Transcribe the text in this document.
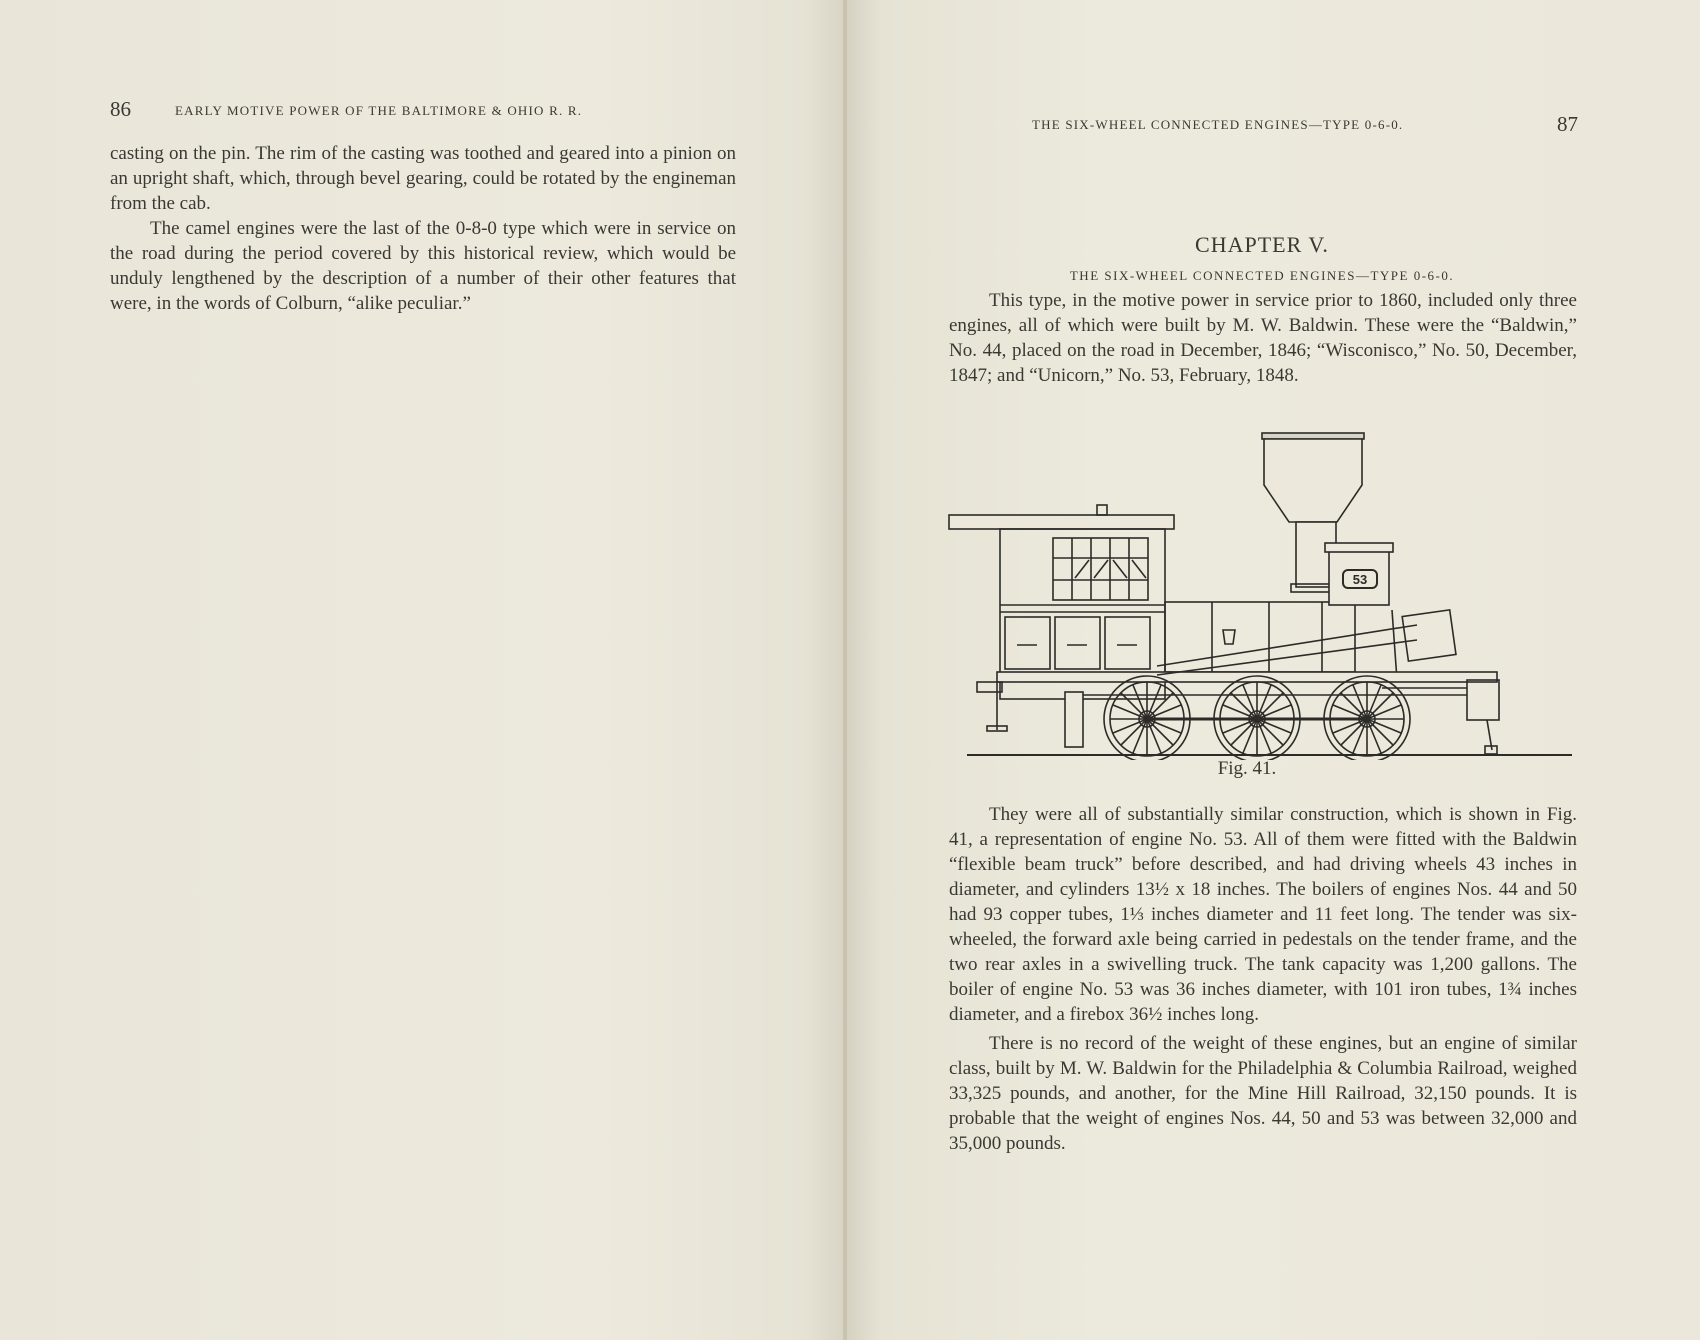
86	EARLY MOTIVE POWER OF THE BALTIMORE & OHIO R. R.

casting on the pin. The rim of the casting was toothed and geared into a pinion on an upright shaft, which, through bevel gearing, could be rotated by the engineman from the cab.

The camel engines were the last of the 0-8-0 type which were in service on the road during the period covered by this historical review, which would be unduly lengthened by the description of a number of their other features that were, in the words of Colburn, “alike peculiar.”

THE SIX-WHEEL CONNECTED ENGINES—TYPE 0-6-0.	87
CHAPTER V.
THE SIX-WHEEL CONNECTED ENGINES—TYPE 0-6-0.

This type, in the motive power in service prior to 1860, included only three engines, all of which were built by M. W. Baldwin. These were the “Baldwin,” No. 44, placed on the road in December, 1846; “Wisconisco,” No. 50, December, 1847; and “Unicorn,” No. 53, February, 1848.

53
Fig. 41.

They were all of substantially similar construction, which is shown in Fig. 41, a representation of engine No. 53. All of them were fitted with the Baldwin “flexible beam truck” before described, and had driving wheels 43 inches in diameter, and cylinders 13½ x 18 inches. The boilers of engines Nos. 44 and 50 had 93 copper tubes, 1⅓ inches diameter and 11 feet long. The tender was six-wheeled, the forward axle being carried in pedestals on the tender frame, and the two rear axles in a swivelling truck. The tank capacity was 1,200 gallons. The boiler of engine No. 53 was 36 inches diameter, with 101 iron tubes, 1¾ inches diameter, and a firebox 36½ inches long.

There is no record of the weight of these engines, but an engine of similar class, built by M. W. Baldwin for the Philadelphia & Columbia Railroad, weighed 33,325 pounds, and another, for the Mine Hill Railroad, 32,150 pounds. It is probable that the weight of engines Nos. 44, 50 and 53 was between 32,000 and 35,000 pounds.
